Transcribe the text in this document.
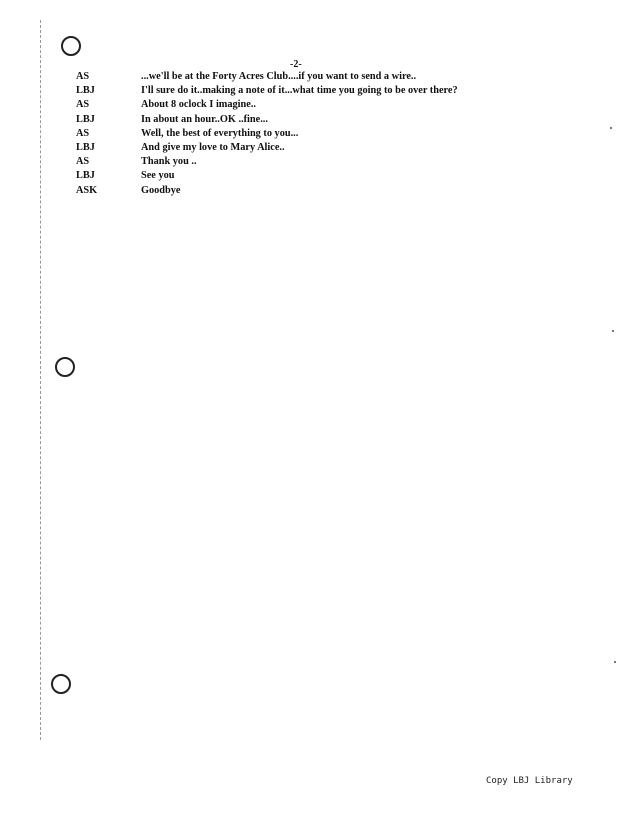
-2-
AS	...we'll be at the Forty Acres Club....if you want to send a wire..
LBJ	I'll sure do it..making a note of it...what time you going to be over there?
AS	About 8 oclock I imagine..
LBJ	In about an hour..OK ..fine...
AS	Well, the best of everything to you...
LBJ	And give my love to Mary Alice..
AS	Thank you ..
LBJ	See you
ASK	Goodbye
Copy LBJ Library
